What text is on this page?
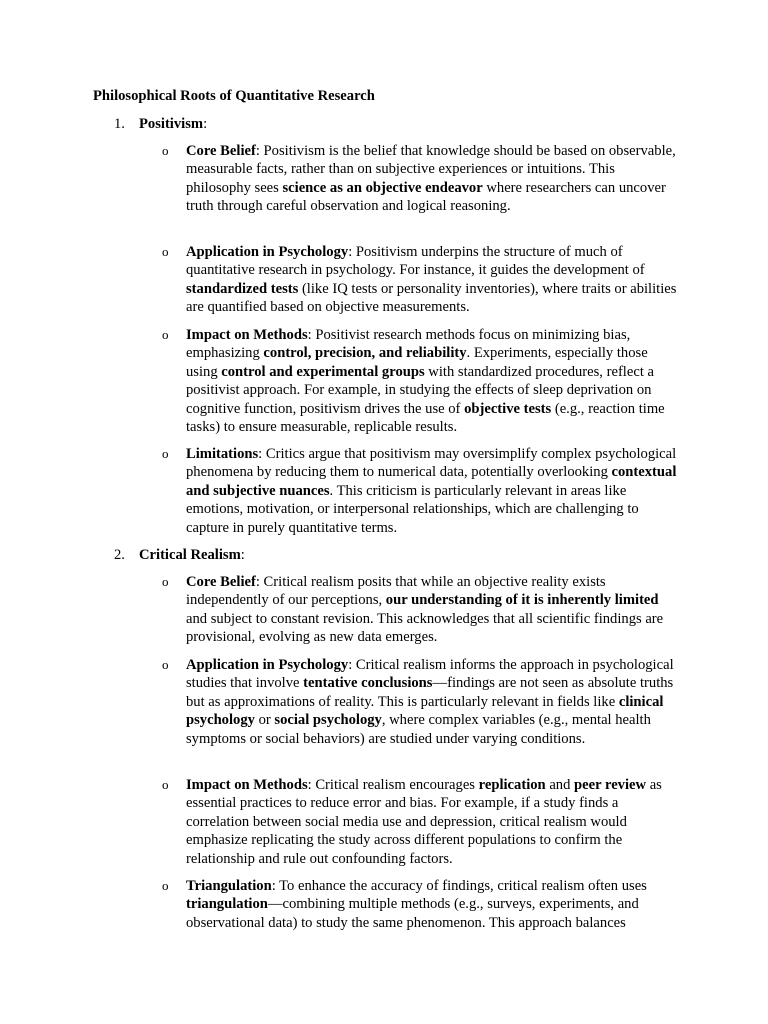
Philosophical Roots of Quantitative Research

1. Positivism:

o Core Belief: Positivism is the belief that knowledge should be based on observable, measurable facts, rather than on subjective experiences or intuitions. This philosophy sees science as an objective endeavor where researchers can uncover truth through careful observation and logical reasoning.

o Application in Psychology: Positivism underpins the structure of much of quantitative research in psychology. For instance, it guides the development of standardized tests (like IQ tests or personality inventories), where traits or abilities are quantified based on objective measurements.

o Impact on Methods: Positivist research methods focus on minimizing bias, emphasizing control, precision, and reliability. Experiments, especially those using control and experimental groups with standardized procedures, reflect a positivist approach. For example, in studying the effects of sleep deprivation on cognitive function, positivism drives the use of objective tests (e.g., reaction time tasks) to ensure measurable, replicable results.

o Limitations: Critics argue that positivism may oversimplify complex psychological phenomena by reducing them to numerical data, potentially overlooking contextual and subjective nuances. This criticism is particularly relevant in areas like emotions, motivation, or interpersonal relationships, which are challenging to capture in purely quantitative terms.

2. Critical Realism:

o Core Belief: Critical realism posits that while an objective reality exists independently of our perceptions, our understanding of it is inherently limited and subject to constant revision. This acknowledges that all scientific findings are provisional, evolving as new data emerges.

o Application in Psychology: Critical realism informs the approach in psychological studies that involve tentative conclusions—findings are not seen as absolute truths but as approximations of reality. This is particularly relevant in fields like clinical psychology or social psychology, where complex variables (e.g., mental health symptoms or social behaviors) are studied under varying conditions.

o Impact on Methods: Critical realism encourages replication and peer review as essential practices to reduce error and bias. For example, if a study finds a correlation between social media use and depression, critical realism would emphasize replicating the study across different populations to confirm the relationship and rule out confounding factors.

o Triangulation: To enhance the accuracy of findings, critical realism often uses triangulation—combining multiple methods (e.g., surveys, experiments, and observational data) to study the same phenomenon. This approach balances
